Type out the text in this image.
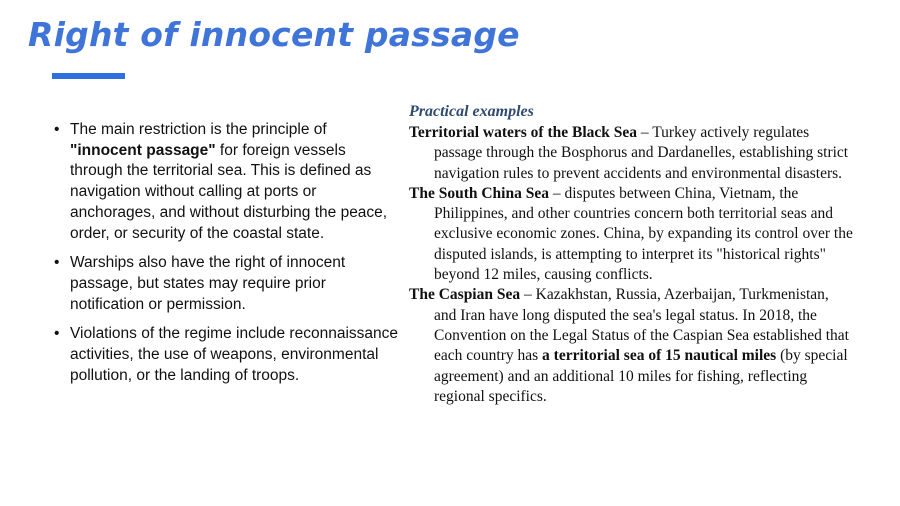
Right of innocent passage
• The main restriction is the principle of "innocent passage" for foreign vessels through the territorial sea. This is defined as navigation without calling at ports or anchorages, and without disturbing the peace, order, or security of the coastal state.
• Warships also have the right of innocent passage, but states may require prior notification or permission.
• Violations of the regime include reconnaissance activities, the use of weapons, environmental pollution, or the landing of troops.
Practical examples

Territorial waters of the Black Sea – Turkey actively regulates passage through the Bosphorus and Dardanelles, establishing strict navigation rules to prevent accidents and environmental disasters.

The South China Sea – disputes between China, Vietnam, the Philippines, and other countries concern both territorial seas and exclusive economic zones. China, by expanding its control over the disputed islands, is attempting to interpret its "historical rights" beyond 12 miles, causing conflicts.

The Caspian Sea – Kazakhstan, Russia, Azerbaijan, Turkmenistan, and Iran have long disputed the sea's legal status. In 2018, the Convention on the Legal Status of the Caspian Sea established that each country has a territorial sea of 15 nautical miles (by special agreement) and an additional 10 miles for fishing, reflecting regional specifics.
